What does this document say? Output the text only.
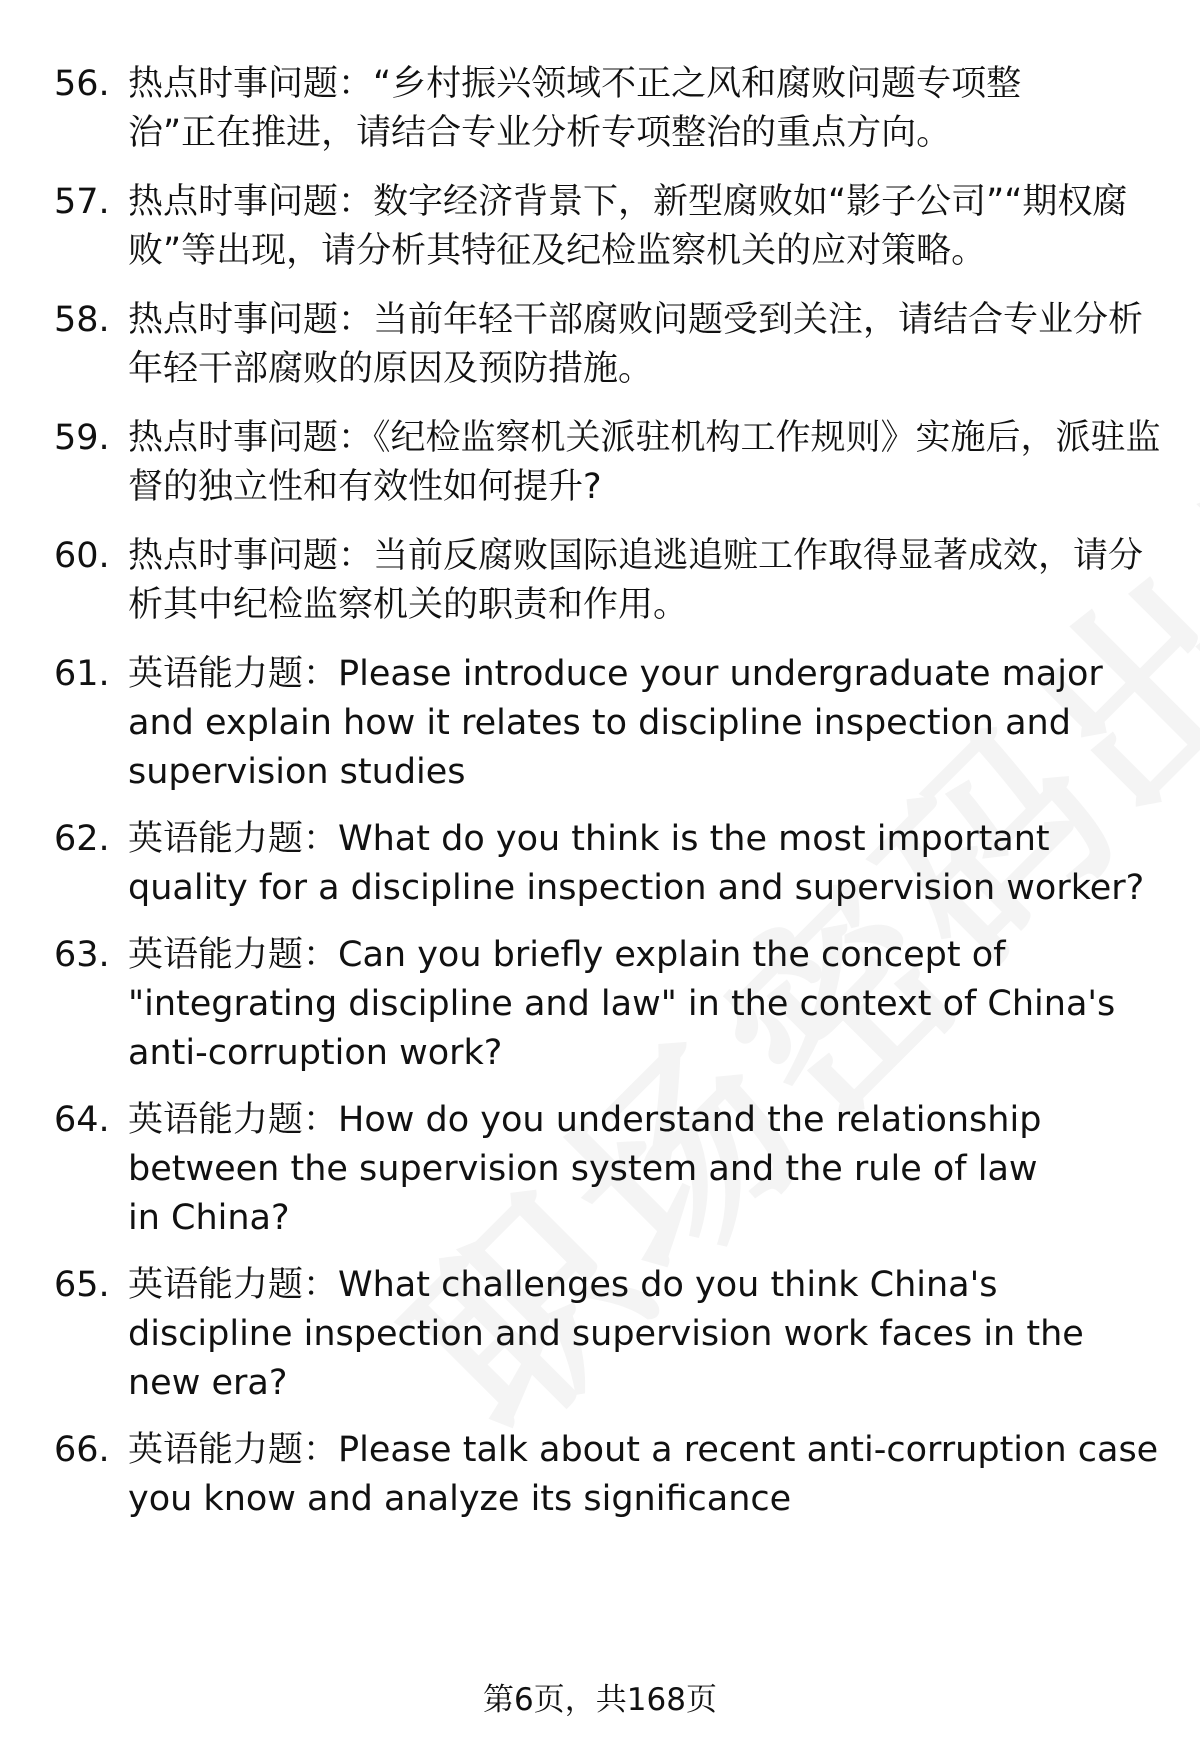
56. 热点时事问题：“乡村振兴领域不正之风和腐败问题专项整治”正在推进，请结合专业分析专项整治的重点方向。
57. 热点时事问题：数字经济背景下，新型腐败如“影子公司”“期权腐败”等出现，请分析其特征及纪检监察机关的应对策略。
58. 热点时事问题：当前年轻干部腐败问题受到关注，请结合专业分析年轻干部腐败的原因及预防措施。
59. 热点时事问题：《纪检监察机关派驻机构工作规则》实施后，派驻监督的独立性和有效性如何提升?
60. 热点时事问题：当前反腐败国际追逃追赃工作取得显著成效，请分析其中纪检监察机关的职责和作用。
61. 英语能力题：Please introduce your undergraduate major and explain how it relates to discipline inspection and supervision studies
62. 英语能力题：What do you think is the most important quality for a discipline inspection and supervision worker?
63. 英语能力题：Can you briefly explain the concept of "integrating discipline and law" in the context of China's anti-corruption work?
64. 英语能力题：How do you understand the relationship between the supervision system and the rule of law in China?
65. 英语能力题：What challenges do you think China's discipline inspection and supervision work faces in the new era?
66. 英语能力题：Please talk about a recent anti-corruption case you know and analyze its significance
第6页，共168页
